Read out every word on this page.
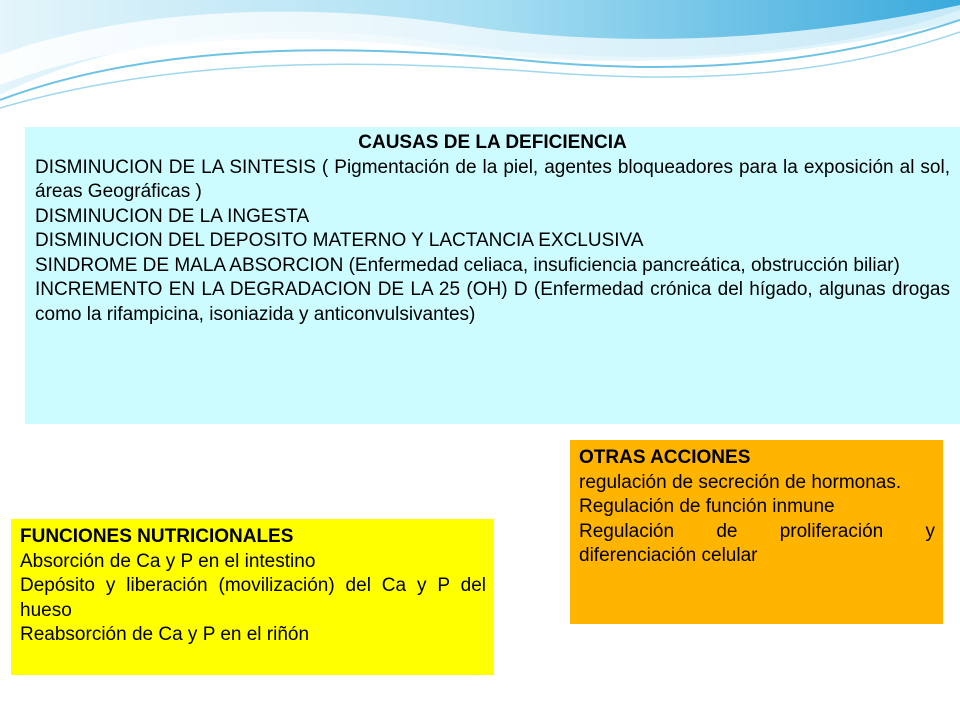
CAUSAS DE LA DEFICIENCIA
DISMINUCION DE LA SINTESIS ( Pigmentación de la piel, agentes bloqueadores para la exposición al sol, áreas Geográficas )
DISMINUCION DE LA INGESTA
DISMINUCION DEL DEPOSITO MATERNO Y LACTANCIA EXCLUSIVA
SINDROME DE MALA ABSORCION (Enfermedad celiaca, insuficiencia pancreática, obstrucción biliar)
INCREMENTO EN LA DEGRADACION DE LA 25 (OH) D (Enfermedad crónica del hígado, algunas drogas como la rifampicina, isoniazida y anticonvulsivantes)
OTRAS ACCIONES
regulación de secreción de hormonas.
Regulación de función inmune
Regulación de proliferación y diferenciación celular
FUNCIONES NUTRICIONALES
Absorción de Ca y P en el intestino
Depósito y liberación (movilización) del Ca y P del hueso
Reabsorción de Ca y P en el riñón
